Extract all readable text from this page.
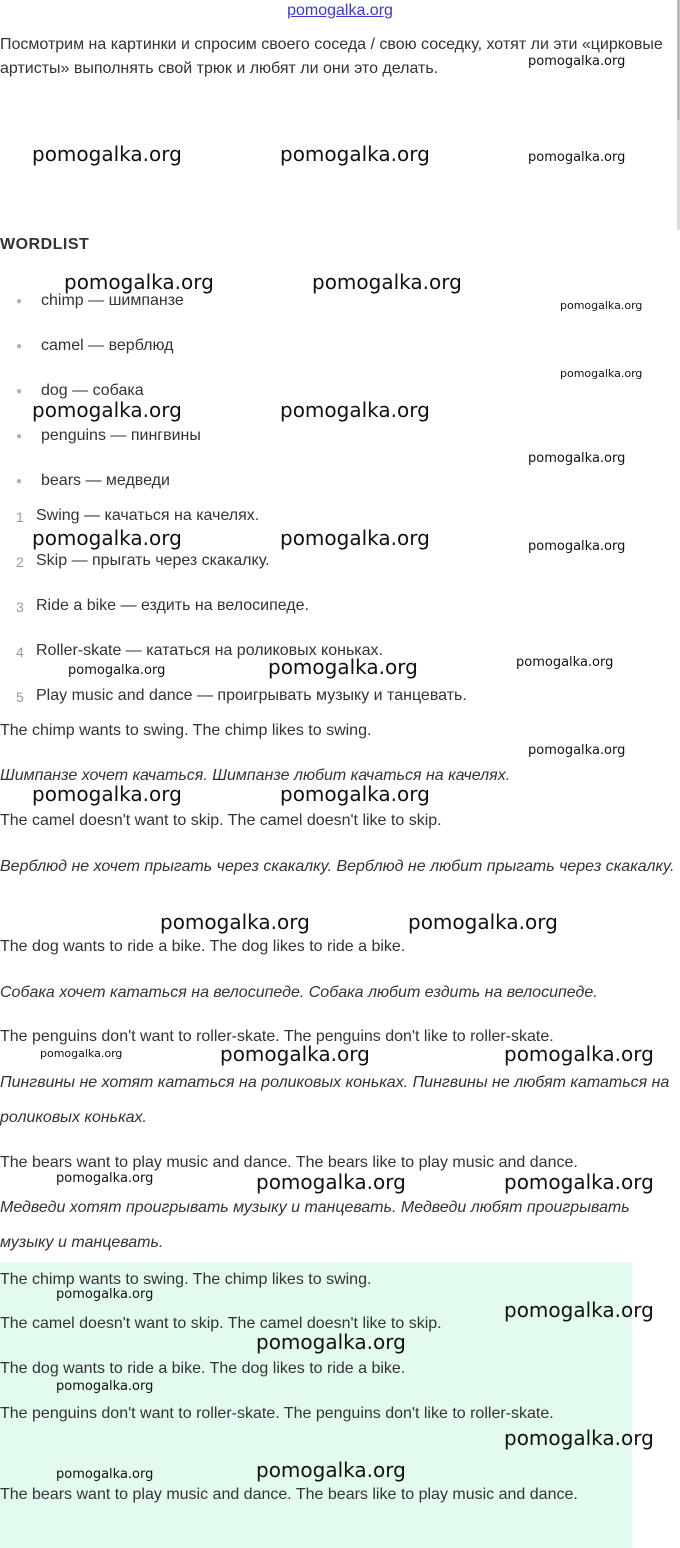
pomogalka.org
Посмотрим на картинки и спросим своего соседа / свою соседку, хотят ли эти «цирковые артисты» выполнять свой трюк и любят ли они это делать.
WORDLIST
● chimp — шимпанзе
● camel — верблюд
● dog — собака
● penguins — пингвины
● bears — медведи
1 Swing — качаться на качелях.
2 Skip — прыгать через скакалку.
3 Ride a bike — ездить на велосипеде.
4 Roller-skate — кататься на роликовых коньках.
5 Play music and dance — проигрывать музыку и танцевать.
The chimp wants to swing. The chimp likes to swing.
Шимпанзе хочет качаться. Шимпанзе любит качаться на качелях.
The camel doesn't want to skip. The camel doesn't like to skip.
Верблюд не хочет прыгать через скакалку. Верблюд не любит прыгать через скакалку.
The dog wants to ride a bike. The dog likes to ride a bike.
Собака хочет кататься на велосипеде. Собака любит ездить на велосипеде.
The penguins don't want to roller-skate. The penguins don't like to roller-skate.
Пингвины не хотят кататься на роликовых коньках. Пингвины не любят кататься на роликовых коньках.
The bears want to play music and dance. The bears like to play music and dance.
Медведи хотят проигрывать музыку и танцевать. Медведи любят проигрывать музыку и танцевать.
The chimp wants to swing. The chimp likes to swing.
The camel doesn't want to skip. The camel doesn't like to skip.
The dog wants to ride a bike. The dog likes to ride a bike.
The penguins don't want to roller-skate. The penguins don't like to roller-skate.
The bears want to play music and dance. The bears like to play music and dance.
pomogalka.org
pomogalka.org	pomogalka.org	pomogalka.org
pomogalka.org	pomogalka.org
pomogalka.org
pomogalka.org
pomogalka.org	pomogalka.org
pomogalka.org
pomogalka.org	pomogalka.org	pomogalka.org
pomogalka.org	pomogalka.org	pomogalka.org
pomogalka.org
pomogalka.org	pomogalka.org
pomogalka.org	pomogalka.org
pomogalka.org	pomogalka.org	pomogalka.org
pomogalka.org	pomogalka.org	pomogalka.org
pomogalka.org
pomogalka.org
pomogalka.org
pomogalka.org
pomogalka.org
pomogalka.org	pomogalka.org
